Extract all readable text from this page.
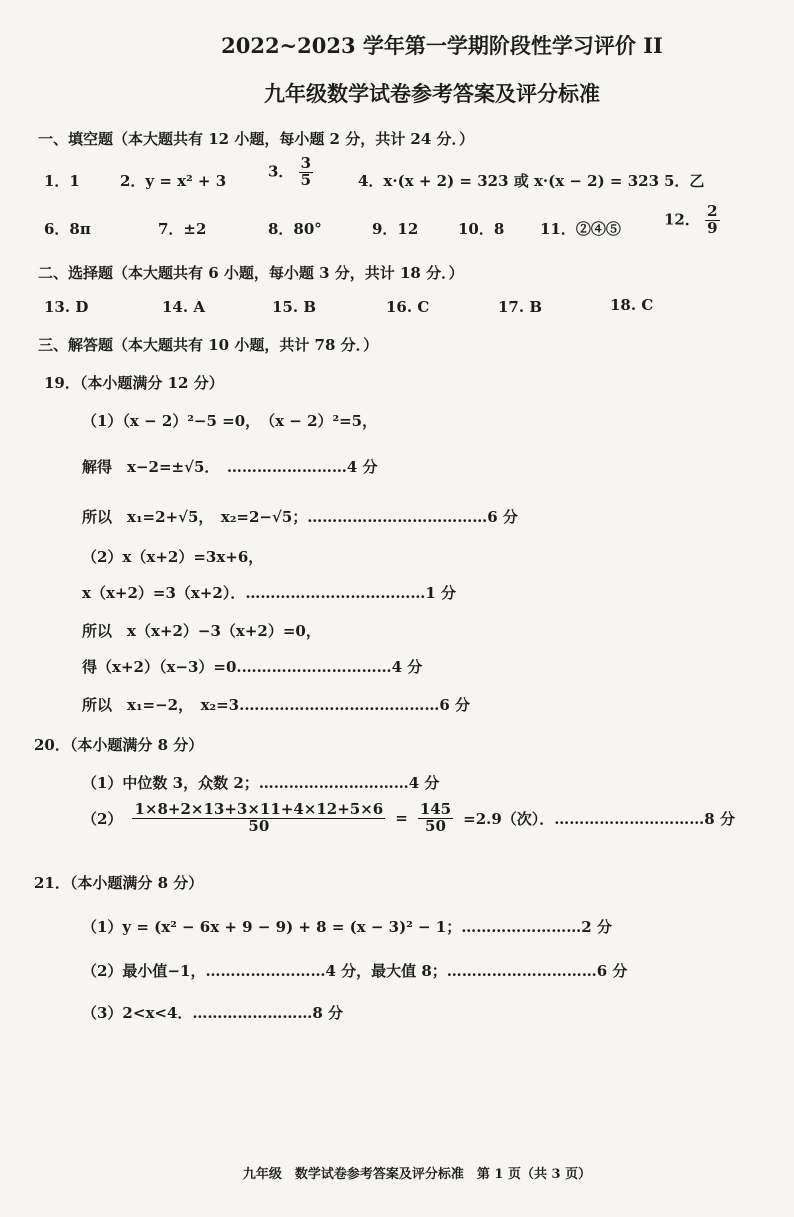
2022~2023 学年第一学期阶段性学习评价 II
九年级数学试卷参考答案及评分标准
一、填空题（本大题共有 12 小题，每小题 2 分，共计 24 分．）
1．1	2．y = x² + 3
3． $\frac{3}{5}$	4．x·(x + 2) = 323 或 x·(x − 2) = 323 5．乙
6．8π	7．±2	8．80°	9．12	10．8 11．②④⑤
12． $\frac{2}{9}$
二、选择题（本大题共有 6 小题，每小题 3 分，共计 18 分．）
13. D	14. A	15. B	16. C	17. B	18. C
三、解答题（本大题共有 10 小题，共计 78 分．）
19．（本小题满分 12 分）
（1）（x − 2）²−5 =0，　（x − 2）²=5，
解得　x−2=±√5．　……………………4 分
所以　x₁=2+√5，　x₂=2−√5；………………………………6 分
（2）x（x+2）=3x+6，
x（x+2）=3（x+2）．………………………………1 分
所以　x（x+2）−3（x+2）=0，
得（x+2）（x−3）=0.…………………………4 分
所以　x₁=−2，　x₂=3.…………………………………6 分
20．（本小题满分 8 分）
（1）中位数 3，众数 2；…………………………4 分
$(2) \frac{1\times 8+2\times 13+3\times 11+4\times 12+5\times 6}{50} = \frac{145}{50} =2.9$（次）．…………………………8 分
21．（本小题满分 8 分）
（1）y = (x² − 6x + 9 − 9) + 8 = (x − 3)² − 1；……………………2 分
（2）最小值−1，……………………4 分，最大值 8；…………………………6 分
（3）2<x<4．……………………8 分
九年级　数学试卷参考答案及评分标准　第 1 页（共 3 页）
